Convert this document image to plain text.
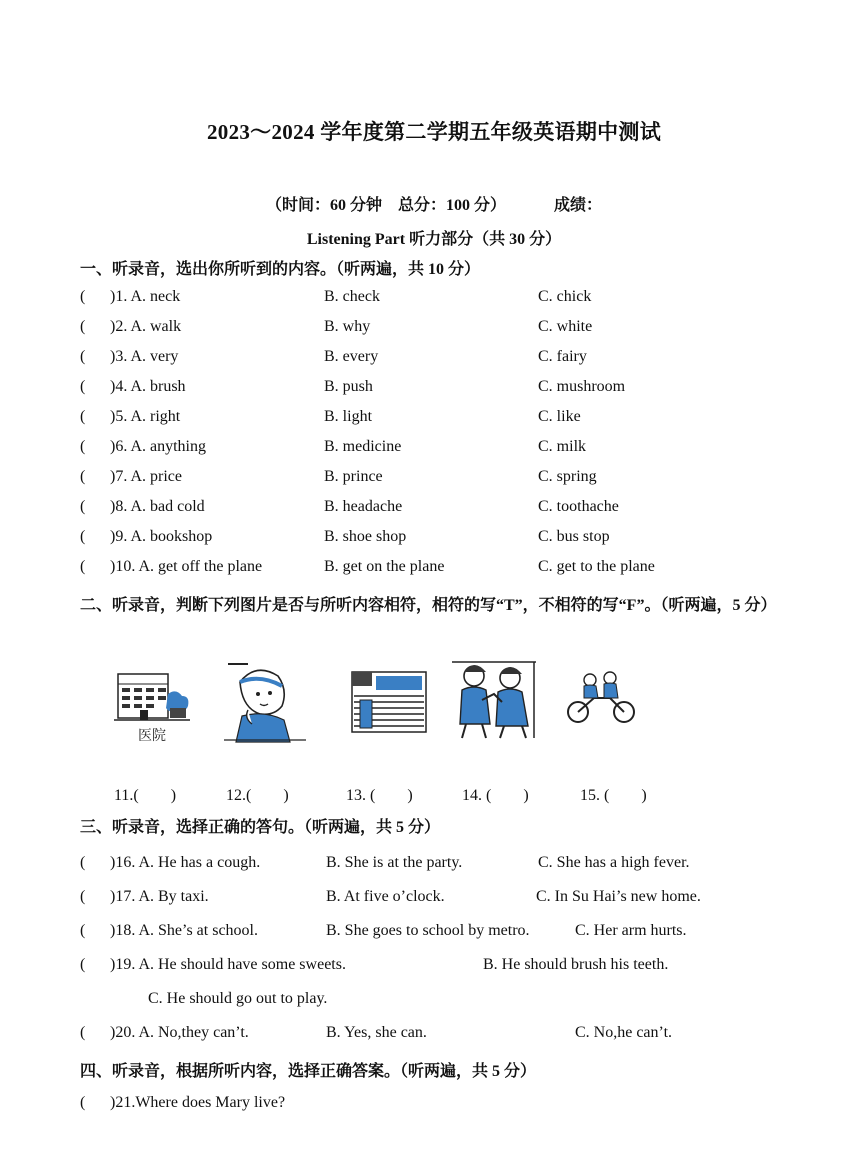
2023～2024 学年度第二学期五年级英语期中测试
（时间：60 分钟　总分：100 分）	成绩：
Listening Part 听力部分（共 30 分）
一、听录音，选出你所听到的内容。（听两遍，共 10 分）
( )1. A. neck	B. check	C. chick
( )2. A. walk	B. why	C. white
( )3. A. very	B. every	C. fairy
( )4. A. brush	B. push	C. mushroom
( )5. A. right	B. light	C. like
( )6. A. anything	B. medicine	C. milk
( )7. A. price	B. prince	C. spring
( )8. A. bad cold	B. headache	C. toothache
( )9. A. bookshop	B. shoe shop	C. bus stop
( )10. A. get off the plane	B. get on the plane	C. get to the plane
二、听录音，判断下列图片是否与所听内容相符，相符的写“T”，不相符的写“F”。（听两遍，5 分）
医院
11.(　　)	12.(　　)	13. (　　)	14. (　　)	15. (　　)
三、听录音，选择正确的答句。（听两遍，共 5 分）
( )16. A. He has a cough.	B. She is at the party.	C. She has a high fever.
( )17. A. By taxi.	B. At five o’clock.	C. In Su Hai’s new home.
( )18. A. She’s at school.	B. She goes to school by metro.	C. Her arm hurts.
( )19. A. He should have some sweets.	B. He should brush his teeth.
C. He should go out to play.
( )20. A. No,they can’t.	B. Yes, she can.	C. No,he can’t.
四、听录音，根据所听内容，选择正确答案。（听两遍，共 5 分）
( )21.Where does Mary live?
